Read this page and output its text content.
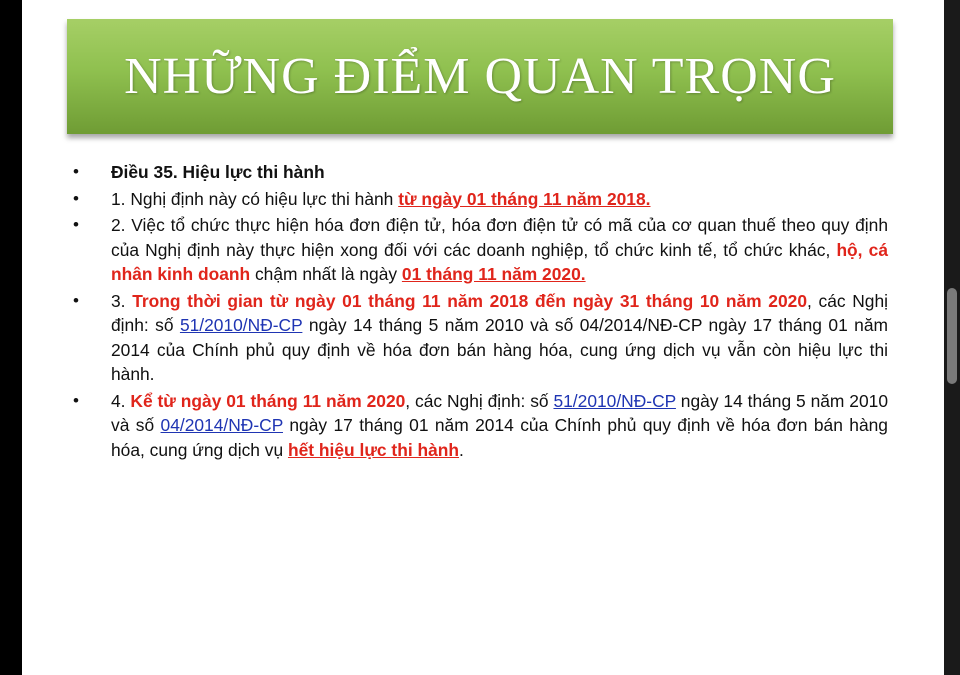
NHỮNG ĐIỂM QUAN TRỌNG
• Điều 35. Hiệu lực thi hành
• 1. Nghị định này có hiệu lực thi hành từ ngày 01 tháng 11 năm 2018.
• 2. Việc tổ chức thực hiện hóa đơn điện tử, hóa đơn điện tử có mã của cơ quan thuế theo quy định của Nghị định này thực hiện xong đối với các doanh nghiệp, tổ chức kinh tế, tổ chức khác, hộ, cá nhân kinh doanh chậm nhất là ngày 01 tháng 11 năm 2020.
• 3. Trong thời gian từ ngày 01 tháng 11 năm 2018 đến ngày 31 tháng 10 năm 2020, các Nghị định: số 51/2010/NĐ-CP ngày 14 tháng 5 năm 2010 và số 04/2014/NĐ-CP ngày 17 tháng 01 năm 2014 của Chính phủ quy định về hóa đơn bán hàng hóa, cung ứng dịch vụ vẫn còn hiệu lực thi hành.
• 4. Kể từ ngày 01 tháng 11 năm 2020, các Nghị định: số 51/2010/NĐ-CP ngày 14 tháng 5 năm 2010 và số 04/2014/NĐ-CP ngày 17 tháng 01 năm 2014 của Chính phủ quy định về hóa đơn bán hàng hóa, cung ứng dịch vụ hết hiệu lực thi hành.
